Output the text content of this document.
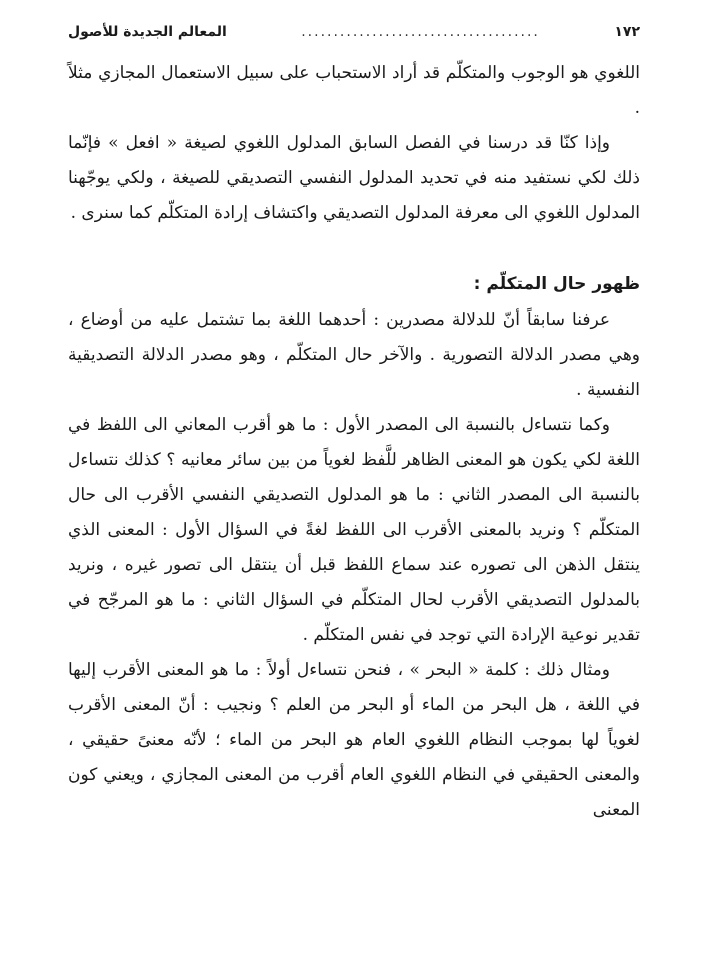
١٧٢
.....................................
المعالم الجديدة للأصول

اللغوي هو الوجوب والمتكلّم قد أراد الاستحباب على سبيل الاستعمال المجازي مثلاً .

وإذا كنّا قد درسنا في الفصل السابق المدلول اللغوي لصيغة « افعل » فإنّما ذلك لكي نستفيد منه في تحديد المدلول النفسي التصديقي للصيغة ، ولكي يوجّهنا المدلول اللغوي الى معرفة المدلول التصديقي واكتشاف إرادة المتكلّم كما سنرى .

ظهور حال المتكلّم :

عرفنا سابقاً أنّ للدلالة مصدرين : أحدهما اللغة بما تشتمل عليه من أوضاع ، وهي مصدر الدلالة التصورية . والآخر حال المتكلّم ، وهو مصدر الدلالة التصديقية النفسية .

وكما نتساءل بالنسبة الى المصدر الأول : ما هو أقرب المعاني الى اللفظ في اللغة لكي يكون هو المعنى الظاهر للَّفظ لغوياً من بين سائر معانيه ؟ كذلك نتساءل بالنسبة الى المصدر الثاني : ما هو المدلول التصديقي النفسي الأقرب الى حال المتكلّم ؟ ونريد بالمعنى الأقرب الى اللفظ لغةً في السؤال الأول : المعنى الذي ينتقل الذهن الى تصوره عند سماع اللفظ قبل أن ينتقل الى تصور غيره ، ونريد بالمدلول التصديقي الأقرب لحال المتكلّم في السؤال الثاني : ما هو المرجّح في تقدير نوعية الإرادة التي توجد في نفس المتكلّم .

ومثال ذلك : كلمة « البحر » ، فنحن نتساءل أولاً : ما هو المعنى الأقرب إليها في اللغة ، هل البحر من الماء أو البحر من العلم ؟ ونجيب : أنّ المعنى الأقرب لغوياً لها بموجب النظام اللغوي العام هو البحر من الماء ؛ لأنّه معنىً حقيقي ، والمعنى الحقيقي في النظام اللغوي العام أقرب من المعنى المجازي ، ويعني كون المعنى
